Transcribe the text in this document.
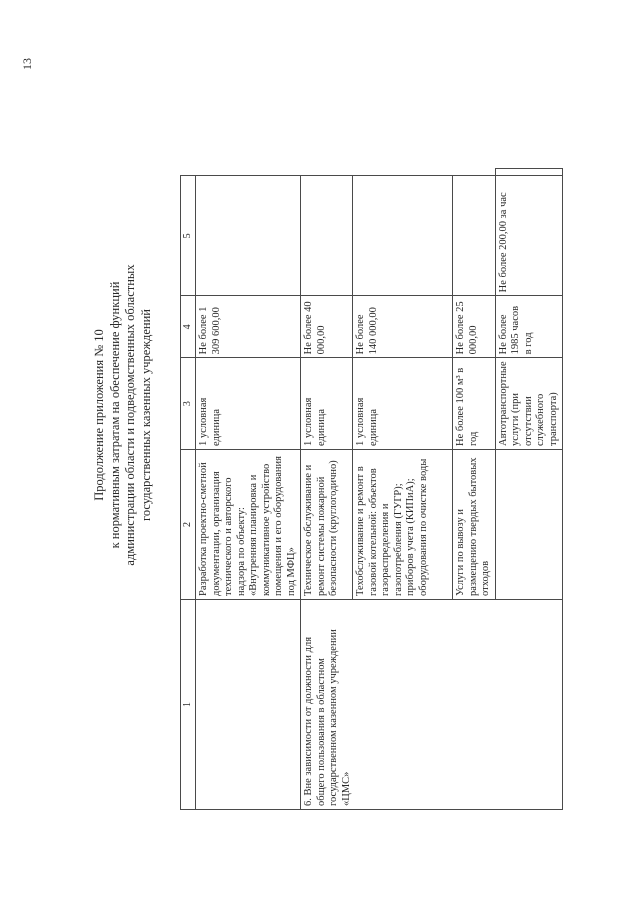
13
Продолжение приложения № 10 к нормативным затратам на обеспечение функций администрации области и подведомственных областных государственных казенных учреждений
1	2	3	4	5	
	Разработка проектно-сметной документации, организация технического и авторского надзора по объекту: «Внутренняя планировка и коммуникативное устройство помещения и его оборудования под МФЦ»	1 условная единица	Не более 1 309 600,00		
6. Вне зависимости от должности для общего пользования в областном государственном казенном учреждении «ЦМС»	Техническое обслуживание и ремонт системы пожарной безопасности (круглогодично)	1 условная единица	Не более 40 000,00		
	Техобслуживание и ремонт в газовой котельной: объектов газораспределения и газопотребления (ГУГР); приборов учета (КИПиА); оборудования по очистке воды	1 условная единица	Не более 140 000,00		
	Услуги по вывозу и размещению твердых бытовых отходов	Не более 100 м³ в год	Не более 25 000,00		
		Автотранспортные услуги (при отсутствии служебного транспорта)	Не более 1985 часов в год	Не более 200,00 за час	
